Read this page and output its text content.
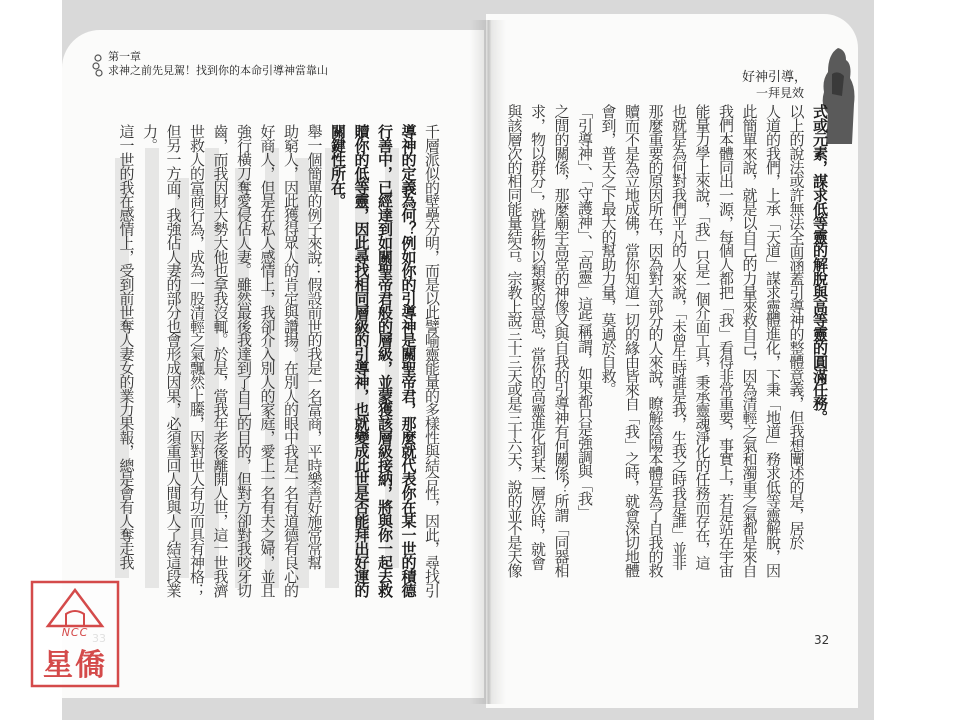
第一章
求神之前先見駕！找到你的本命引導神當靠山	好神引導，
一拜見效
式或元素，謀求低等靈的解脫與高等靈的圓滿任務。
以上的說法或許無法全面涵蓋引導神的整體意義，但我想闡述的是，居於
人道的我們，上承「天道」謀求靈體進化，下秉「地道」務求低等靈解脫，因
此簡單來說，就是以自己的力量來救自己，因為清輕之氣和濁重之氣都是來自
我們本體同出一源，每個人都把「我」看得非常重要，事實上，若是站在宇宙
能量力學上來說，「我」只是一個介面工具，秉承靈魂淨化的任務而存在，這
也就是為何對我們平凡的人來說，「未曾生時誰是我，生我之時我是誰」並非
那麼重要的原因所在，因為對大部分的人來說，瞭解陰陽本體是為了自我的救
贖而不是為立地成佛，當你知道一切的緣由皆來自「我」之時，就會深切地體
會到，普天之下最大的幫助力量，莫過於自救。
「引導神」、「守護神」、「高靈」這些稱謂，如果都只是強調與「我」
之間的關係，那麼廟宇高堂的神像又與自我的引導神有何關係？所謂「同器相
求，物以群分」，就是物以類聚的意思，當你的高靈進化到某一層次時，就會
與該層次的相同能量結合。宗教上說三十三天或是三十六天，說的並不是天像
千層派似的壁壘分明，而是以此譬喻靈能量的多樣性與結合性，因此，尋找引
導神的定義為何？例如你的引導神是關聖帝君，那麼就代表你在某一世的積德
行善中，已經達到如關聖帝君般的層級，並蒙獲該層級接納，將與你一起去救
贖你的低等靈，因此尋找相同層級的引導神，也就變成此世是否能拜出好運的
關鍵性所在。
舉一個簡單的例子來說：假設前世的我是一名富商，平時樂善好施常常幫
助窮人，因此獲得眾人的肯定與讚揚。在別人的眼中我是一名有道德有良心的
好商人，但是在私人感情上，我卻介入別人的家庭，愛上一名有夫之婦，並且
強行橫刀奪愛侵佔人妻。雖然最後我達到了自己的目的，但對方卻對我咬牙切
齒，而我因財大勢大他也拿我沒輒。於是，當我年老後離開人世，這一世我濟
世救人的富商行為，成為一股清輕之氣飄然上騰，因對世人有功而具有神格；
但另一方面，我強佔人妻的部分也會形成因果，必須重回人間與人了結這段業
力。
這一世的我在感情上，受到前世奪人妻女的業力果報，總是會有人奪走我
32
NCC
星僑
